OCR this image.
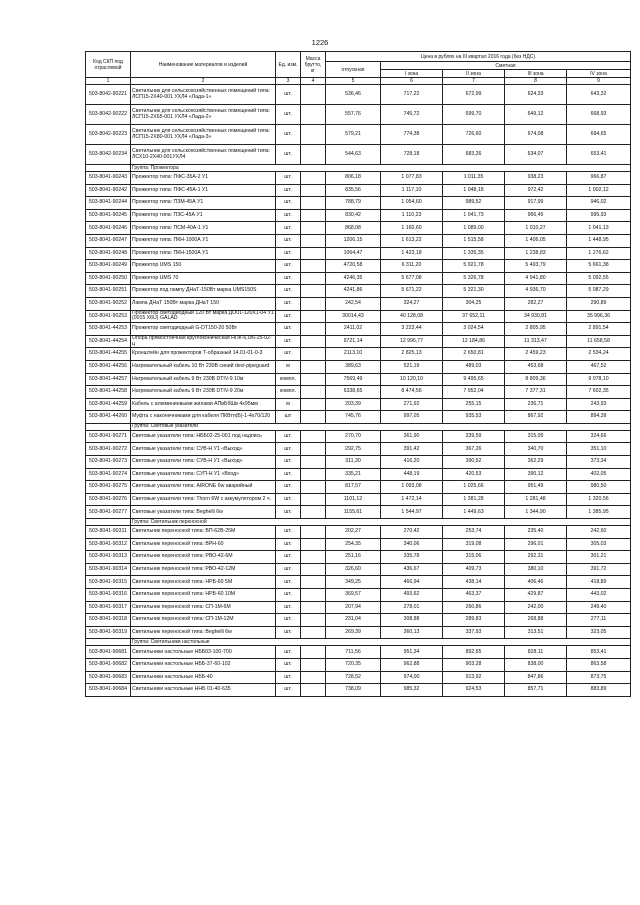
1226
Код СКП под отраслевой	Наименование материалов и изделий	Ед. изм.	Масса брутто, кг	Цена в рублях на III квартал 2016 года (без НДС)				
				отпускная	Сметная			
					I зона	II зона	III зона	IV зона
1	2	3	4	5	6	7	8	9
503-8042-90221	Светильник для сельскохозяйственных помещений типа: ЛСП15-2Х40-001 УХЛ4 «Лада-1»	шт.		536,46	717,22	672,99	624,33	643,32
503-8042-90222	Светильник для сельскохозяйственных помещений типа: ЛСП15-2Х65-001 УХЛ4 «Лада-2»	шт.		557,76	745,72	699,70	649,12	668,93
503-8042-90223	Светильник для сельскохозяйственных помещений типа: ЛСП15-2Х80-001 УХЛ4 «Лада-3»	шт.		579,21	774,38	726,60	674,08	694,65
503-8042-90234	Светильник для сельскохозяйственных помещений типа: ЛСХ10-2Х40-001УХЛ4	шт.		544,63	728,18	683,26	634,07	653,41
	Группа: Прожектора							
503-8041-90243	Прожектор типа: ПФС-35А-2 У1	шт.		806,18	1 077,83	1 011,35	938,23	966,87
503-8041-90242	Прожектор типа: ПФС-45А-1 У1	шт.		835,56	1 117,10	1 048,18	972,42	1 002,12
503-8041-90244	Прожектор типа: ПЗМ-45А У1	шт.		788,79	1 054,60	989,52	917,99	946,02
503-8041-90245	Прожектор типа: ПЗС-45А У1	шт.		830,42	1 110,23	1 041,73	966,45	995,93
503-8041-90246	Прожектор типа: ПСМ-40А-1 У1	шт.		868,08	1 160,60	1 089,00	1 010,27	1 041,13
503-8041-90247	Прожектор типа: ПКН-1000А У1	шт.		1206,15	1 613,22	1 515,58	1 406,05	1 448,95
503-8041-90248	Прожектор типа: ПКН-1500А У1	шт.		1064,47	1 423,18	1 335,35	1 238,83	1 276,62
503-8041-90249	Прожектор UMS 150	шт.		4720,58	6 311,20	5 921,78	5 493,79	5 661,38
503-8041-90250	Прожектор UMS 70	шт.		4246,35	5 677,08	5 326,78	4 941,80	5 092,55
503-8041-90251	Прожектор под лампу ДНаТ-150Вт марка UMS150S	шт.		4241,86	5 671,22	5 321,30	4 936,70	5 087,29
503-8041-90252	Лампа ДНаТ 150Вт марка ДНаТ 150	шт.		242,54	324,27	304,25	282,27	290,89
503-8041-90253	Прожектор светодиодный 120 Вт марка ДО01-120Х1-04 У1 (0015 X6U) GALAD	шт.		30014,43	40 128,08	37 652,11	34 930,81	35 996,36
503-8041-44253	Прожектор светодиодный G-DT150-20 50Вт	шт.		2411,02	3 223,44	3 024,54	2 805,95	2 891,54
503-8041-44254	Опора прямостоечная круглоконическая НПК-6,0/6-25-02-ц	шт.		9721,14	12 996,77	12 184,86	11 313,47	11 658,58
503-8041-44255	Кронштейн для прожекторов Т-образный 14.01-01-0-3	шт.		2113,10	2 825,13	2 650,81	2 459,23	2 534,24
503-8041-44256	Нагревательный кабель 10 Вт 230В синий devi-pipeguard	м		389,63	521,19	489,03	453,68	467,52
503-8041-44257	Нагревательный кабель 9 Вт 230В DTIV-9 10м	компл.		7569,49	10 120,10	9 495,65	8 809,36	9 078,10
503-8041-44258	Нагревательный кабель 9 Вт 230В DTIV-9 20м	компл.		6338,65	8 474,56	7 952,04	7 377,31	7 602,35
503-8041-44259	Кабель с алюминиевыми жилами АПвБбШв 4х95мм	м		203,39	271,92	255,15	236,71	243,93
503-8041-44260	Муфта с наконечниками для кабеля ПКВтп(Б)-1-4х70/120	шт		745,76	997,05	935,53	867,92	894,39
	Группа: Световые указатели							
503-8041-90271	Световые указатели типа: НББ02-25-001 под надпись	шт.		270,70	361,90	339,59	315,05	324,66
503-8041-90272	Световые указатели типа: СУВ-Н У1 «Выход»	шт.		292,75	391,42	367,26	340,70	351,10
503-8041-90273	Световые указатели типа: СУВ-Н У1 «Выход»	шт.		311,30	416,20	390,52	362,29	373,34
503-8041-90274	Световые указатели типа: СУП-Н У1 «Вход»	шт.		335,21	448,19	420,53	390,12	402,05
503-8041-90275	Световые указатели типа: AIRONE 6w аварийный	шт.		817,57	1 093,08	1 025,66	951,49	980,50
503-8041-90276	Световые указатели типа: Thorn 6W с аккумулятором 2 ч.	шт.		1101,12	1 472,14	1 381,28	1 281,48	1 320,56
503-8041-90277	Световые указатели типа: Beghelli 6w	шт.		1155,61	1 544,97	1 449,63	1 344,90	1 385,95
	Группа: Светильник переносной							
503-8041-90311	Светильник переносной типа: ВП-62В-25М	шт.		202,27	270,42	253,74	235,40	242,60
503-8041-90312	Светильник переносной типа: ВРН-60	шт.		254,35	340,06	319,08	296,01	305,03
503-8041-90313	Светильник переносной типа: РВО-42-6М	шт.		251,16	335,78	315,06	292,31	301,21
503-8041-90314	Светильник переносной типа: РВО-42-12М	шт.		326,60	436,67	409,73	380,10	391,72
503-8041-90315	Светильник переносной типа: НРБ-60 5М	шт.		349,25	466,94	438,14	406,46	418,89
503-8041-90316	Светильник переносной типа: НРБ-60 10М	шт.		369,57	493,62	463,37	429,87	443,02
503-8041-90317	Светильник переносной типа: СП-1М-6М	шт.		207,94	278,01	260,86	242,00	249,40
503-8041-90318	Светильник переносной типа: СП-1М-12М	шт.		231,04	308,88	289,83	268,88	277,11
503-8041-90319	Светильник переносной типа: Beghelli 6w	шт.		269,39	360,13	337,93	313,51	323,05
	Группа: Светильники настольные							
503-8041-90681	Светильники настольные НББ03-100-700	шт.		711,56	951,34	892,65	828,11	853,41
503-8041-90682	Светильники настольные НББ-37-60-102	шт.		720,35	962,88	903,28	838,00	863,58
503-8041-90683	Светильники настольные НББ-40	шт.		728,52	974,00	913,92	847,86	873,75
503-8041-90684	Светильники настольные ННБ 01-40-635	шт.		738,09	985,32	924,53	857,71	883,89
